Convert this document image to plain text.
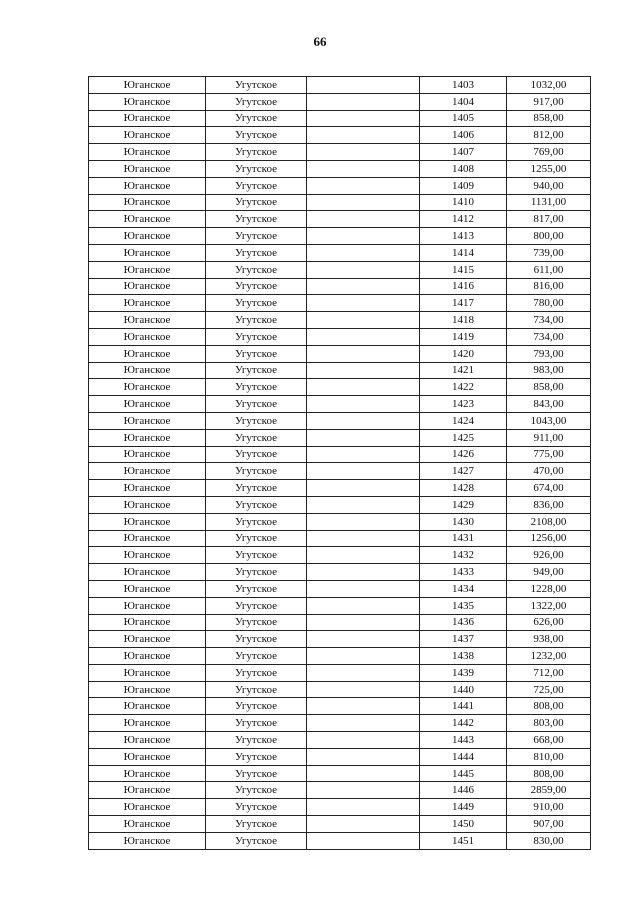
66
Юганское	Угутское		1403	1032,00
Юганское	Угутское		1404	917,00
Юганское	Угутское		1405	858,00
Юганское	Угутское		1406	812,00
Юганское	Угутское		1407	769,00
Юганское	Угутское		1408	1255,00
Юганское	Угутское		1409	940,00
Юганское	Угутское		1410	1131,00
Юганское	Угутское		1412	817,00
Юганское	Угутское		1413	800,00
Юганское	Угутское		1414	739,00
Юганское	Угутское		1415	611,00
Юганское	Угутское		1416	816,00
Юганское	Угутское		1417	780,00
Юганское	Угутское		1418	734,00
Юганское	Угутское		1419	734,00
Юганское	Угутское		1420	793,00
Юганское	Угутское		1421	983,00
Юганское	Угутское		1422	858,00
Юганское	Угутское		1423	843,00
Юганское	Угутское		1424	1043,00
Юганское	Угутское		1425	911,00
Юганское	Угутское		1426	775,00
Юганское	Угутское		1427	470,00
Юганское	Угутское		1428	674,00
Юганское	Угутское		1429	836,00
Юганское	Угутское		1430	2108,00
Юганское	Угутское		1431	1256,00
Юганское	Угутское		1432	926,00
Юганское	Угутское		1433	949,00
Юганское	Угутское		1434	1228,00
Юганское	Угутское		1435	1322,00
Юганское	Угутское		1436	626,00
Юганское	Угутское		1437	938,00
Юганское	Угутское		1438	1232,00
Юганское	Угутское		1439	712,00
Юганское	Угутское		1440	725,00
Юганское	Угутское		1441	808,00
Юганское	Угутское		1442	803,00
Юганское	Угутское		1443	668,00
Юганское	Угутское		1444	810,00
Юганское	Угутское		1445	808,00
Юганское	Угутское		1446	2859,00
Юганское	Угутское		1449	910,00
Юганское	Угутское		1450	907,00
Юганское	Угутское		1451	830,00
